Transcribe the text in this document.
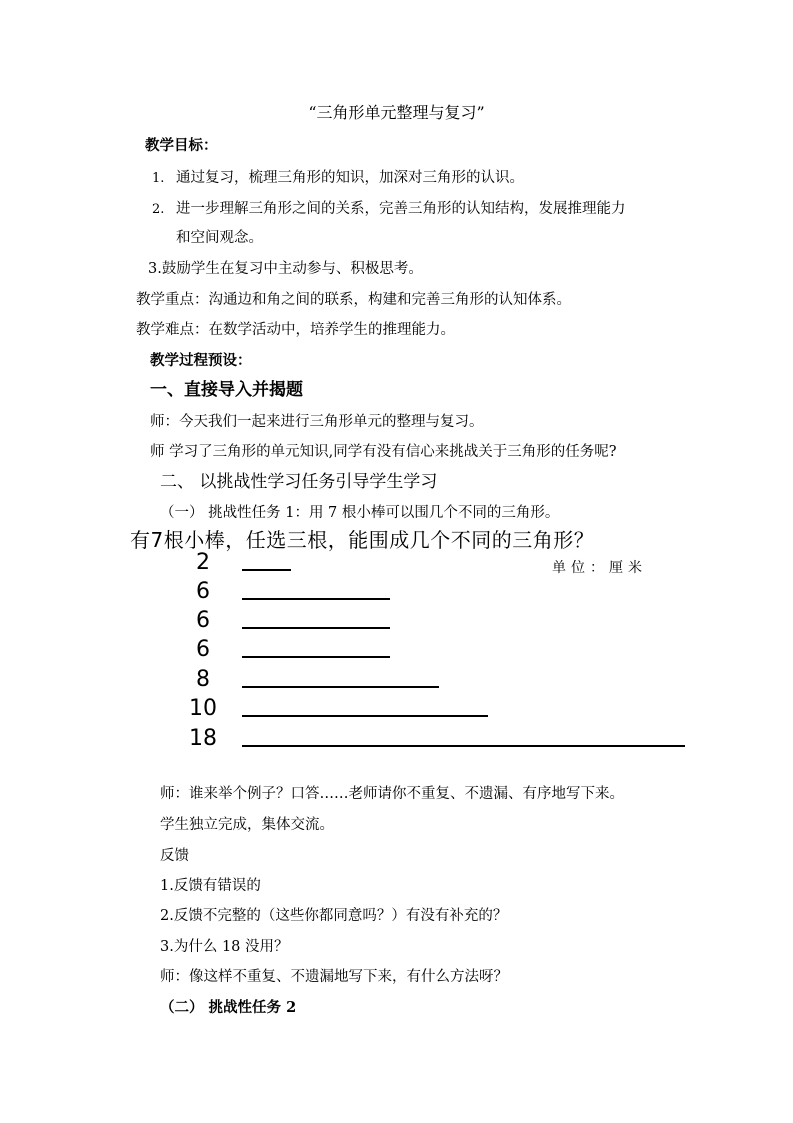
“三角形单元整理与复习”
教学目标：
1. 通过复习，梳理三角形的知识，加深对三角形的认识。
2. 进一步理解三角形之间的关系，完善三角形的认知结构，发展推理能力
和空间观念。
3.鼓励学生在复习中主动参与、积极思考。
教学重点：沟通边和角之间的联系，构建和完善三角形的认知体系。
教学难点：在数学活动中，培养学生的推理能力。
教学过程预设：
一、直接导入并揭题
师：今天我们一起来进行三角形单元的整理与复习。
师 学习了三角形的单元知识,同学有没有信心来挑战关于三角形的任务呢?
二、 以挑战性学习任务引导学生学习
（一） 挑战性任务 1：用 7 根小棒可以围几个不同的三角形。
有7根小棒，任选三根，能围成几个不同的三角形？
单位：厘米
2
6
6
6
8
10
18
师：谁来举个例子？口答……老师请你不重复、不遗漏、有序地写下来。
学生独立完成，集体交流。
反馈
1.反馈有错误的
2.反馈不完整的（这些你都同意吗？）有没有补充的？
3.为什么 18 没用？
师：像这样不重复、不遗漏地写下来，有什么方法呀？
（二） 挑战性任务 2
